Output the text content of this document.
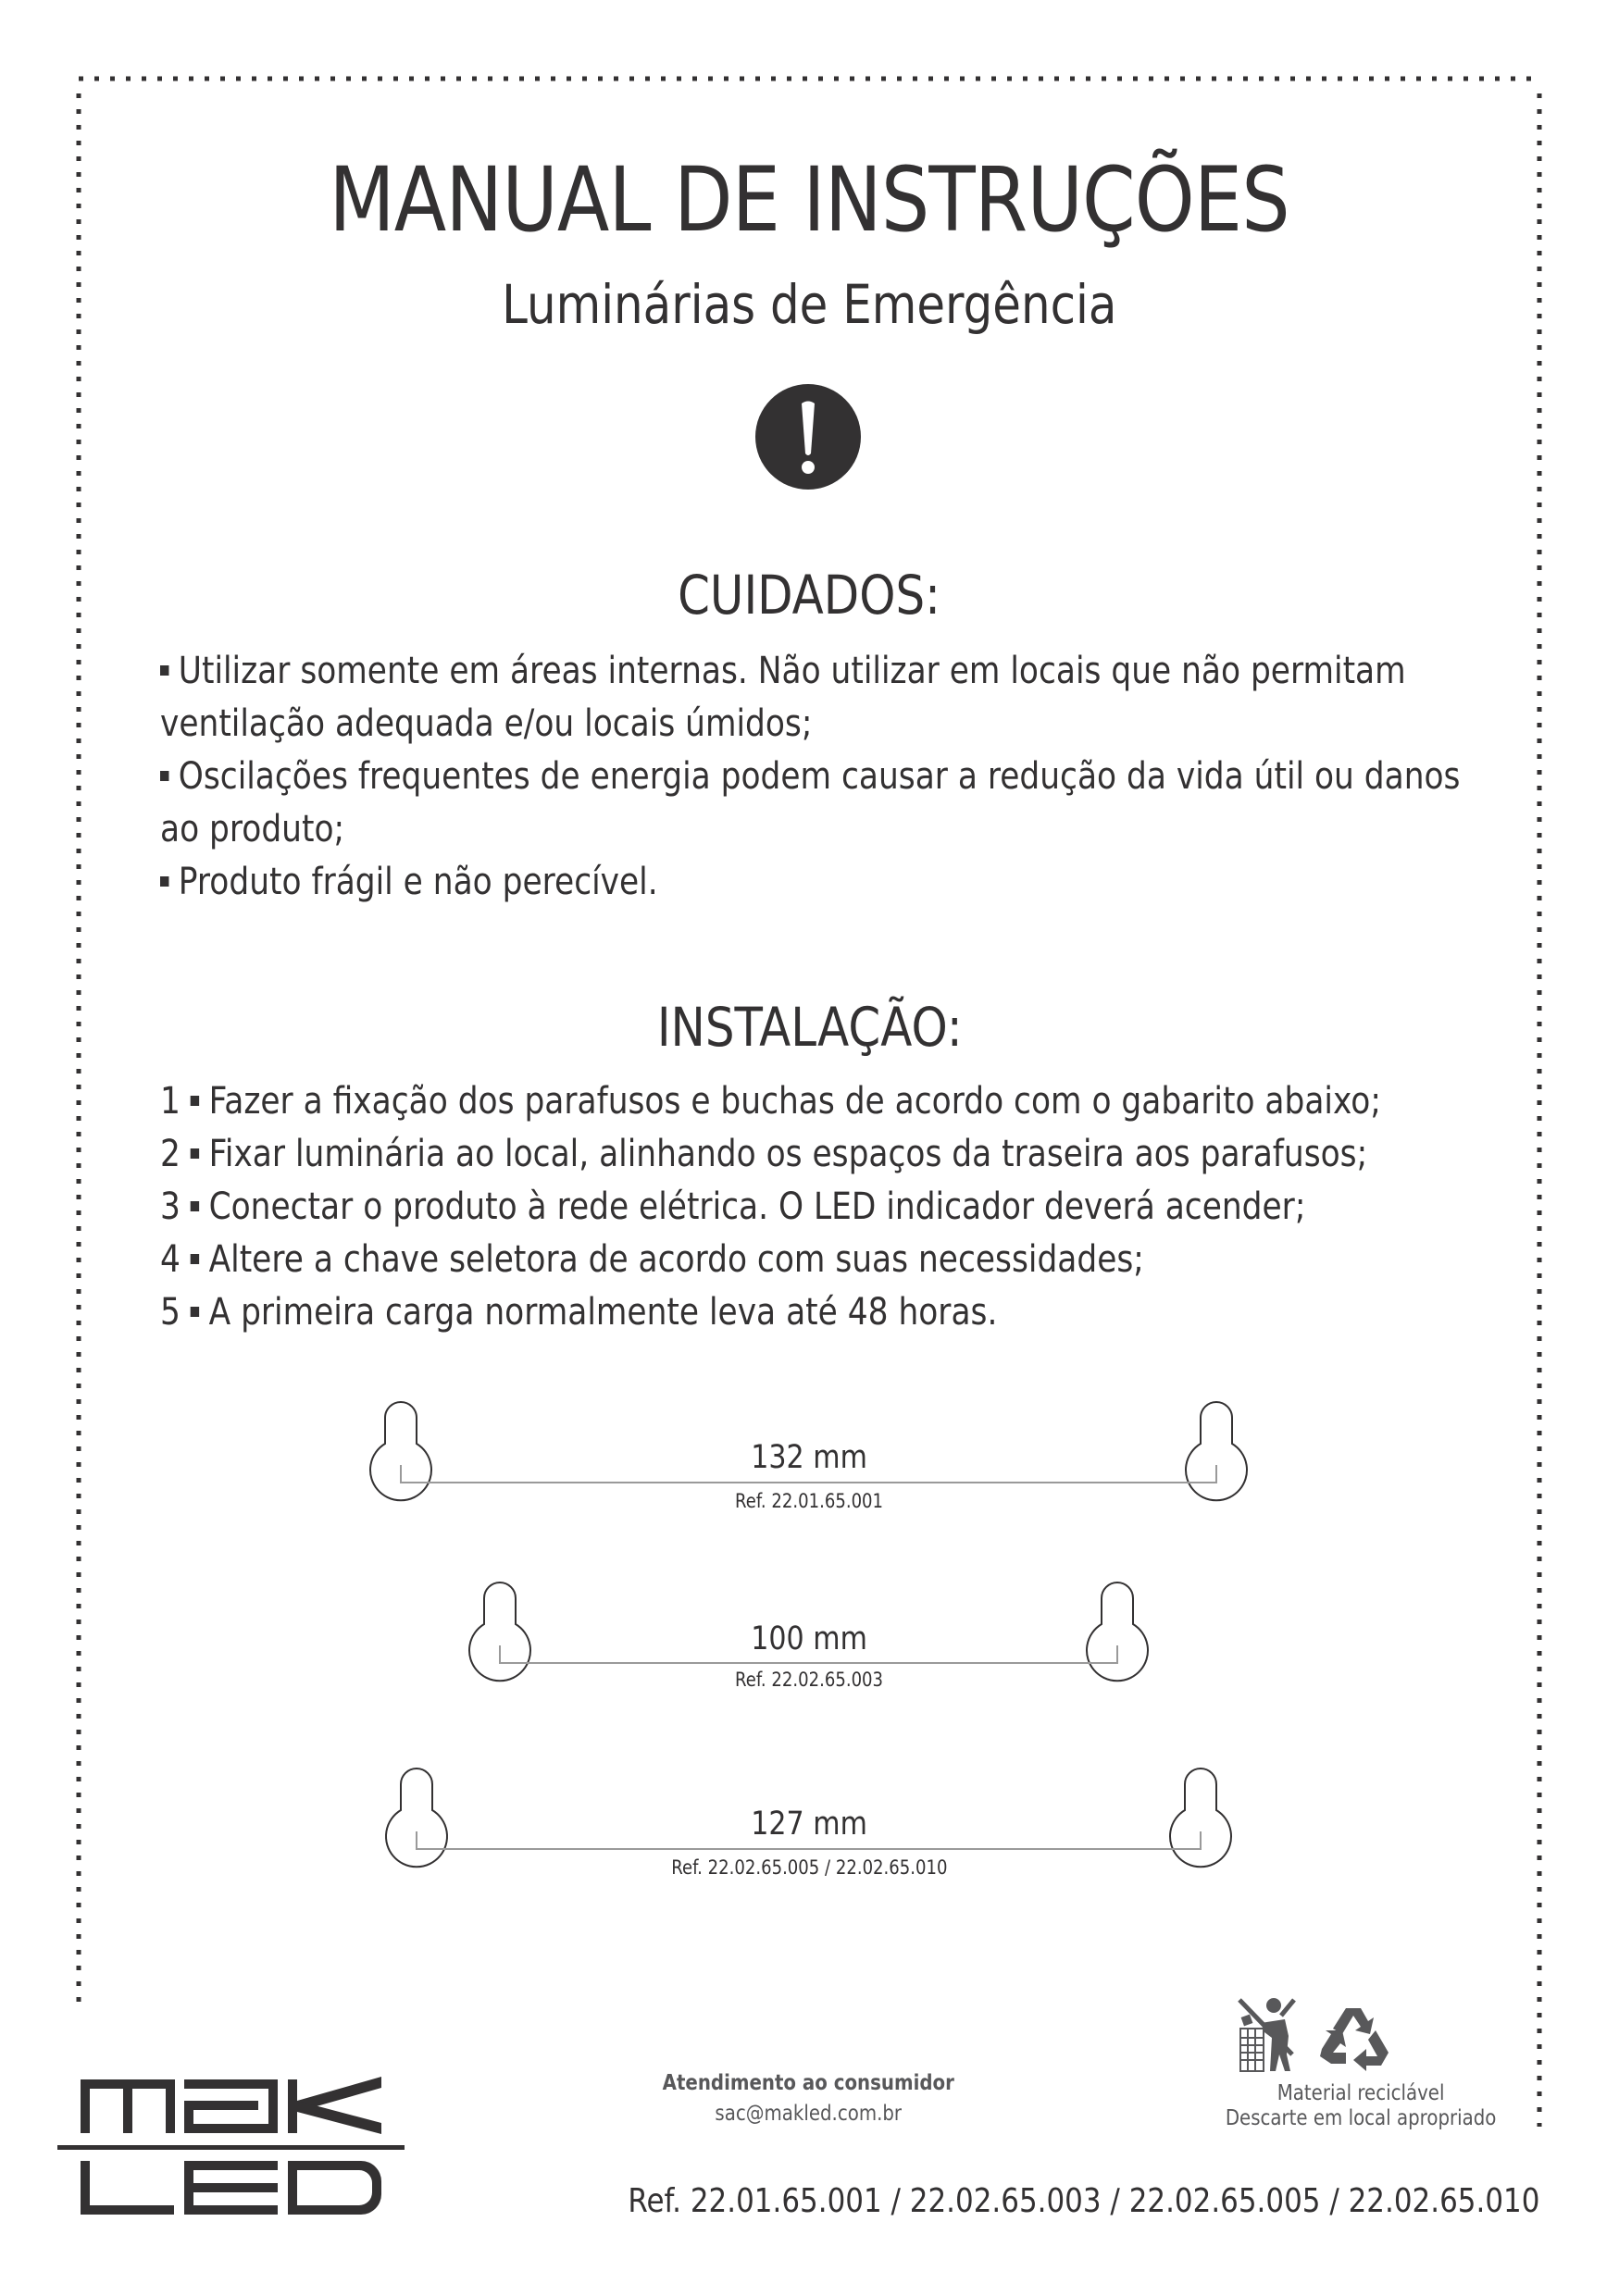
MANUAL DE INSTRUÇÕES
Luminárias de Emergência
CUIDADOS:
Utilizar somente em áreas internas. Não utilizar em locais que não permitam
ventilação adequada e/ou locais úmidos;
Oscilações frequentes de energia podem causar a redução da vida útil ou danos
ao produto;
Produto frágil e não perecível.
INSTALAÇÃO:
1 Fazer a fixação dos parafusos e buchas de acordo com o gabarito abaixo;
2 Fixar luminária ao local, alinhando os espaços da traseira aos parafusos;
3 Conectar o produto à rede elétrica. O LED indicador deverá acender;
4 Altere a chave seletora de acordo com suas necessidades;
5 A primeira carga normalmente leva até 48 horas.
132 mm
Ref. 22.01.65.001
100 mm
Ref. 22.02.65.003
127 mm
Ref. 22.02.65.005 / 22.02.65.010
Atendimento ao consumidor
sac@makled.com.br
Material reciclável
Descarte em local apropriado
Ref. 22.01.65.001 / 22.02.65.003 / 22.02.65.005 / 22.02.65.010
